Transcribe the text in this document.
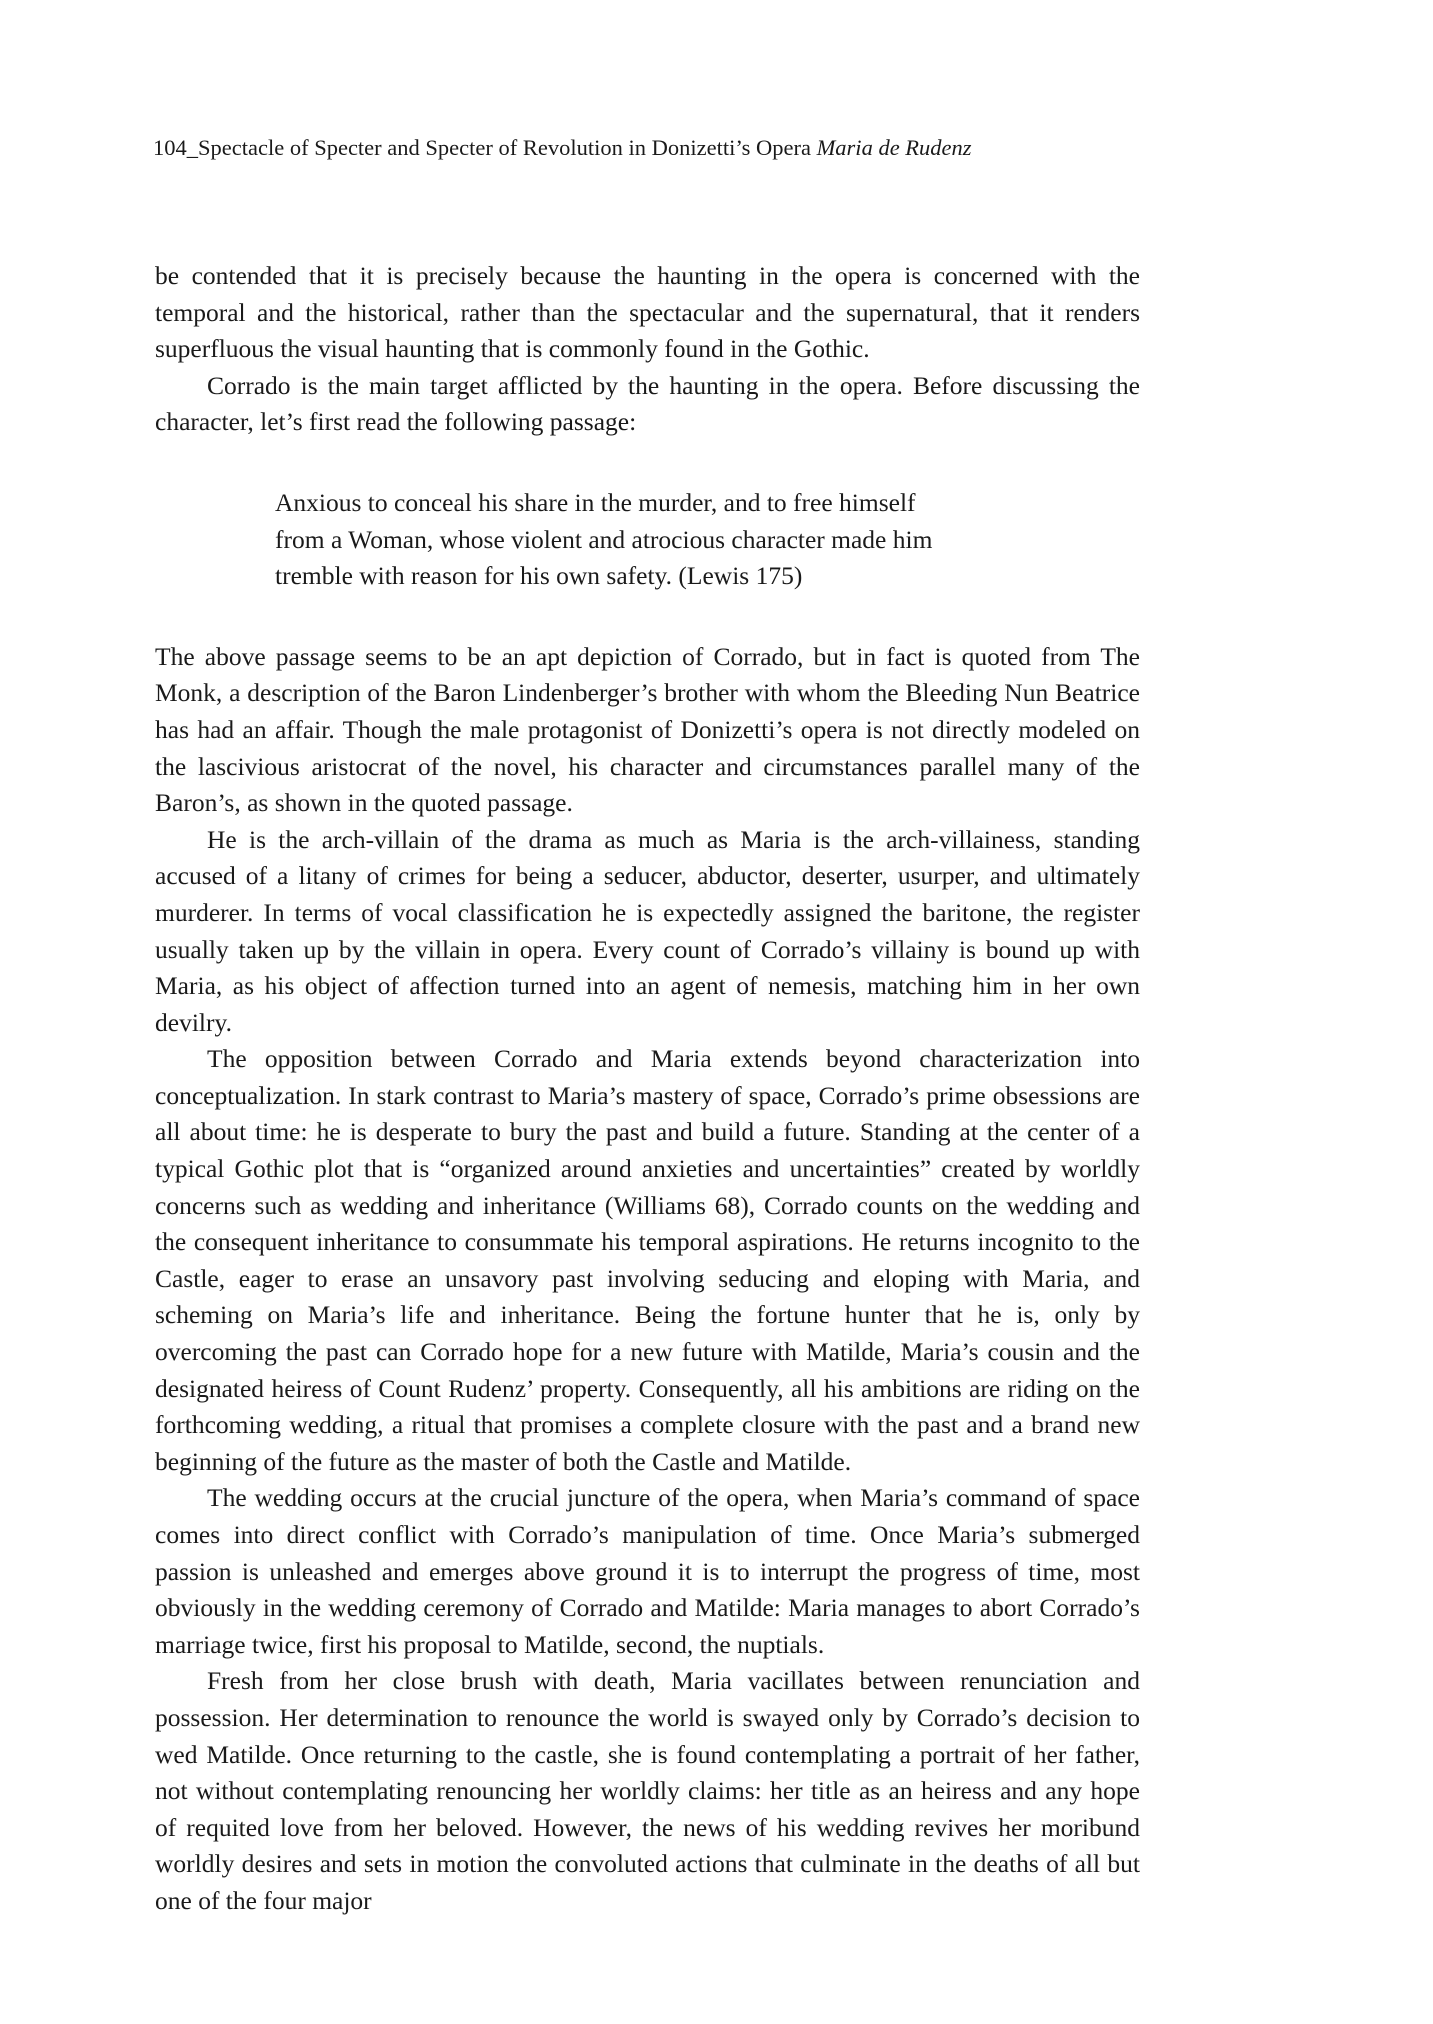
104_Spectacle of Specter and Specter of Revolution in Donizetti’s Opera Maria de Rudenz

be contended that it is precisely because the haunting in the opera is concerned with the temporal and the historical, rather than the spectacular and the supernatural, that it renders superfluous the visual haunting that is commonly found in the Gothic.

Corrado is the main target afflicted by the haunting in the opera. Before discussing the character, let’s first read the following passage:

Anxious to conceal his share in the murder, and to free himself
from a Woman, whose violent and atrocious character made him
tremble with reason for his own safety. (Lewis 175)

The above passage seems to be an apt depiction of Corrado, but in fact is quoted from The Monk, a description of the Baron Lindenberger’s brother with whom the Bleeding Nun Beatrice has had an affair. Though the male protagonist of Donizetti’s opera is not directly modeled on the lascivious aristocrat of the novel, his character and circumstances parallel many of the Baron’s, as shown in the quoted passage.

He is the arch-villain of the drama as much as Maria is the arch-villainess, standing accused of a litany of crimes for being a seducer, abductor, deserter, usurper, and ultimately murderer. In terms of vocal classification he is expectedly assigned the baritone, the register usually taken up by the villain in opera. Every count of Corrado’s villainy is bound up with Maria, as his object of affection turned into an agent of nemesis, matching him in her own devilry.

The opposition between Corrado and Maria extends beyond characterization into conceptualization. In stark contrast to Maria’s mastery of space, Corrado’s prime obsessions are all about time: he is desperate to bury the past and build a future. Standing at the center of a typical Gothic plot that is “organized around anxieties and uncertainties” created by worldly concerns such as wedding and inheritance (Williams 68), Corrado counts on the wedding and the consequent inheritance to consummate his temporal aspirations. He returns incognito to the Castle, eager to erase an unsavory past involving seducing and eloping with Maria, and scheming on Maria’s life and inheritance. Being the fortune hunter that he is, only by overcoming the past can Corrado hope for a new future with Matilde, Maria’s cousin and the designated heiress of Count Rudenz’ property. Consequently, all his ambitions are riding on the forthcoming wedding, a ritual that promises a complete closure with the past and a brand new beginning of the future as the master of both the Castle and Matilde.

The wedding occurs at the crucial juncture of the opera, when Maria’s command of space comes into direct conflict with Corrado’s manipulation of time. Once Maria’s submerged passion is unleashed and emerges above ground it is to interrupt the progress of time, most obviously in the wedding ceremony of Corrado and Matilde: Maria manages to abort Corrado’s marriage twice, first his proposal to Matilde, second, the nuptials.

Fresh from her close brush with death, Maria vacillates between renunciation and possession. Her determination to renounce the world is swayed only by Corrado’s decision to wed Matilde. Once returning to the castle, she is found contemplating a portrait of her father, not without contemplating renouncing her worldly claims: her title as an heiress and any hope of requited love from her beloved. However, the news of his wedding revives her moribund worldly desires and sets in motion the convoluted actions that culminate in the deaths of all but one of the four major
